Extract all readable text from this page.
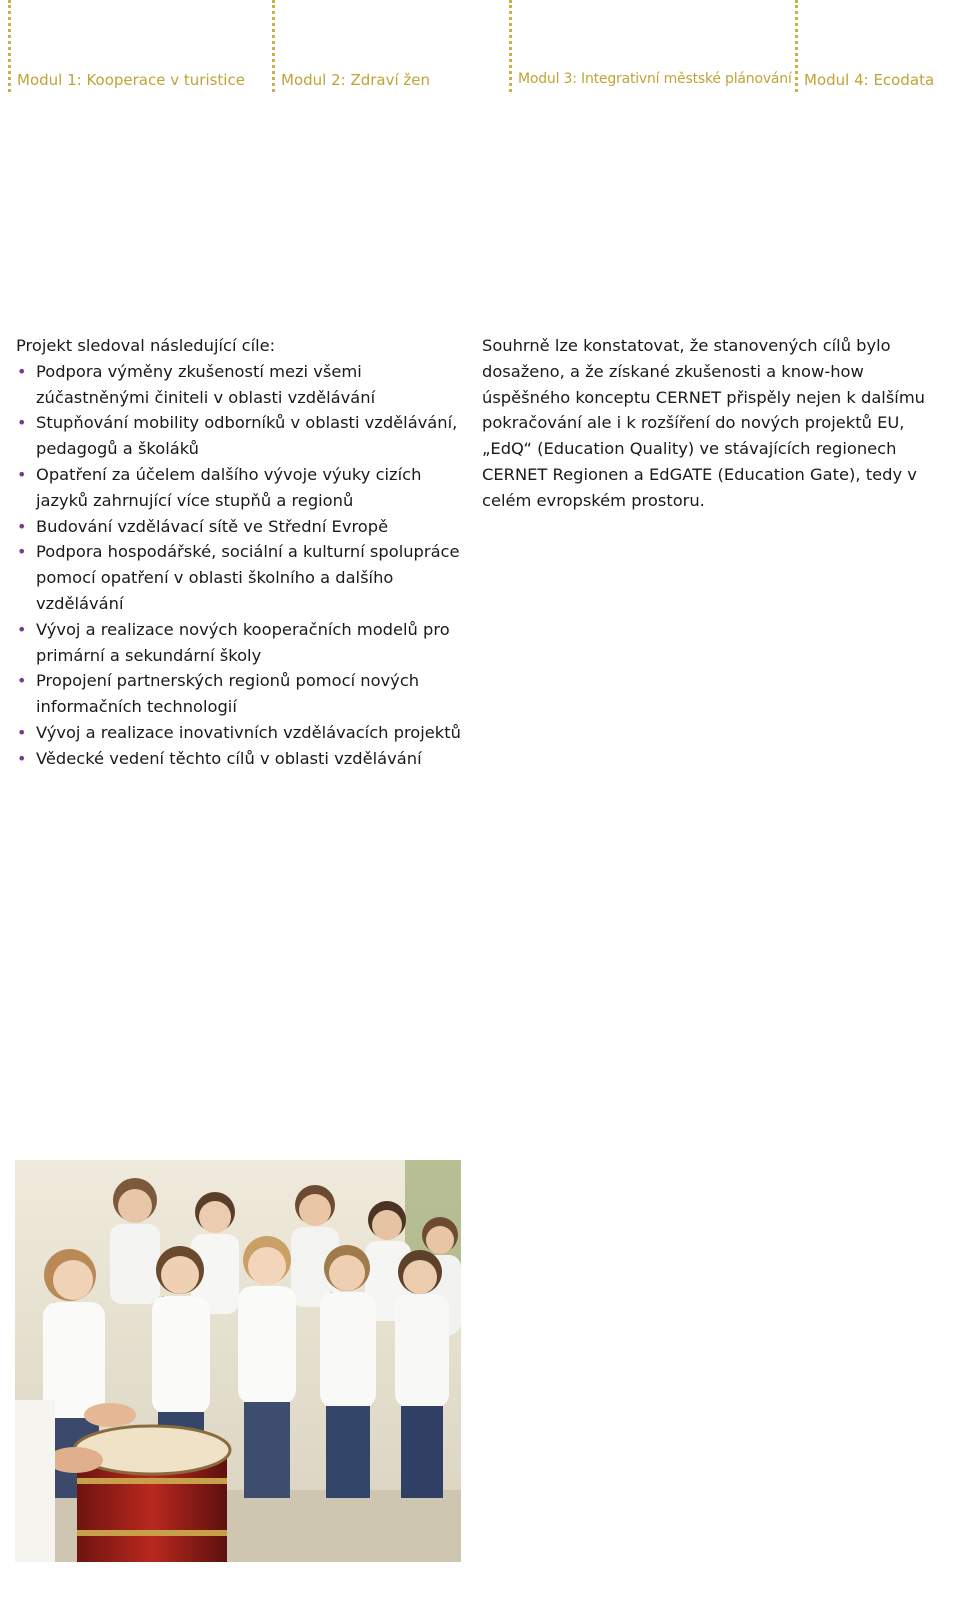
Modul 1: Kooperace v turistice Modul 2: Zdraví žen	Modul 3: Integrativní městské plánování Modul 4: Ecodata

Projekt sledoval následující cíle:

• Podpora výměny zkušeností mezi všemi zúčastněnými činiteli v oblasti vzdělávání
• Stupňování mobility odborníků v oblasti vzdělávání, pedagogů a školáků
• Opatření za účelem dalšího vývoje výuky cizích jazyků zahrnující více stupňů a regionů
• Budování vzdělávací sítě ve Střední Evropě
• Podpora hospodářské, sociální a kulturní spolupráce pomocí opatření v oblasti školního a dalšího vzdělávání
• Vývoj a realizace nových kooperačních modelů pro primární a sekundární školy
• Propojení partnerských regionů pomocí nových informačních technologií
• Vývoj a realizace inovativních vzdělávacích projektů
• Vědecké vedení těchto cílů v oblasti vzdělávání

Souhrně lze konstatovat, že stanovených cílů bylo dosaženo, a že získané zkušenosti a know-how úspěšného konceptu CERNET přispěly nejen k dalšímu pokračování ale i k rozšíření do nových projektů EU, „EdQ“ (Education Quality) ve stávajících regionech CERNET Regionen a EdGATE (Education Gate), tedy v celém evropském prostoru.
